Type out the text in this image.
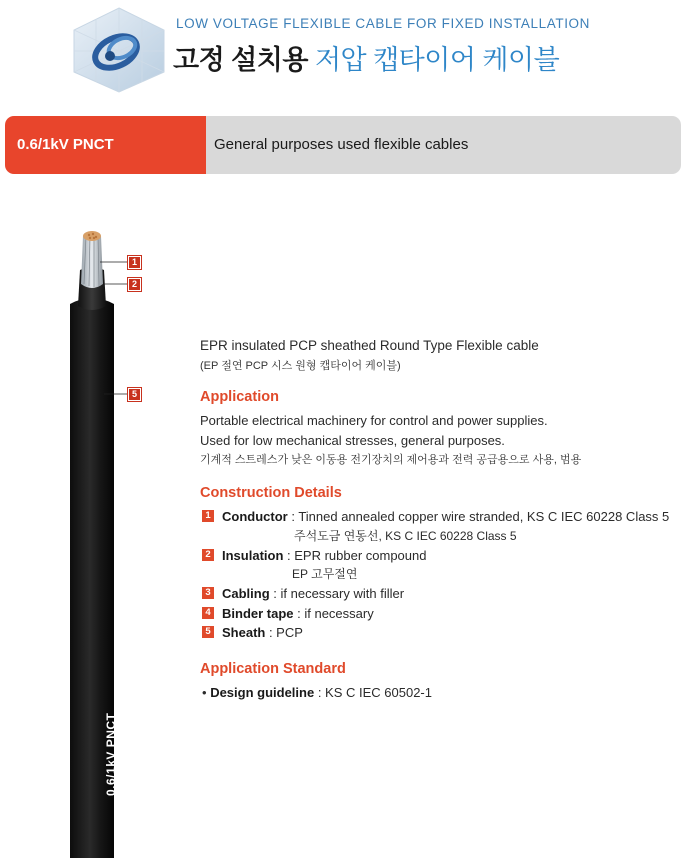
LOW VOLTAGE FLEXIBLE CABLE FOR FIXED INSTALLATION
고정 설치용 저압 캡타이어 케이블
0.6/1kV PNCT	General purposes used flexible cables
1
2
5
0.6/1kV PNCT

EPR insulated PCP sheathed Round Type Flexible cable

(EP 절연 PCP 시스 원형 캡타이어 케이블)

Application

Portable electrical machinery for control and power supplies.

Used for low mechanical stresses, general purposes.

기계적 스트레스가 낮은 이동용 전기장치의 제어용과 전력 공급용으로 사용, 범용

Construction Details
1 Conductor : Tinned annealed copper wire stranded, KS C IEC 60228 Class 5
주석도금 연동선, KS C IEC 60228 Class 5
2 Insulation : EPR rubber compound
EP 고무절연
3 Cabling : if necessary with filler
4 Binder tape : if necessary
5 Sheath : PCP
Application Standard
• Design guideline : KS C IEC 60502-1
